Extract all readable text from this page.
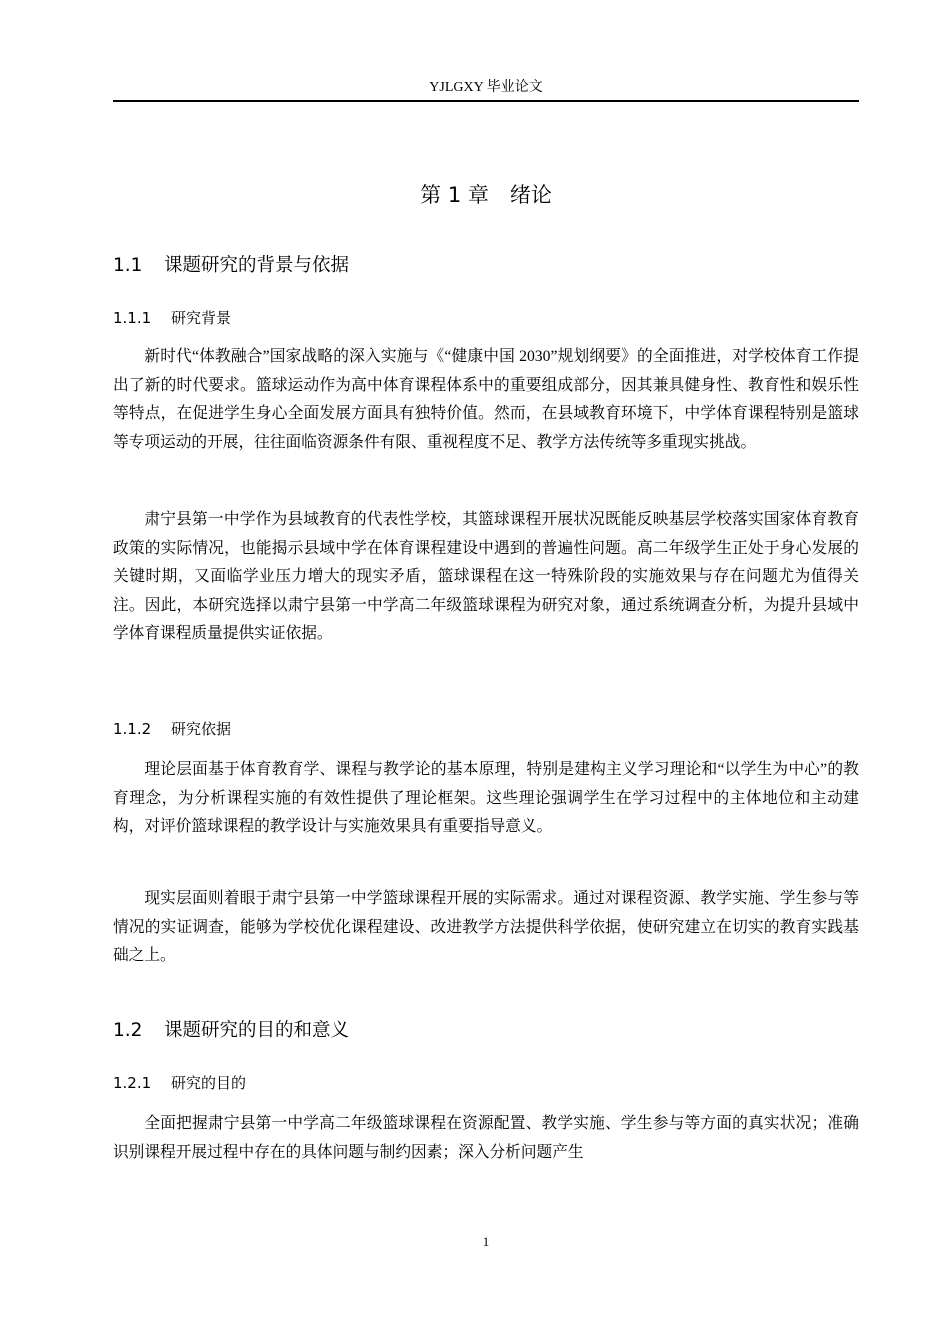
YJLGXY 毕业论文
第 1 章　绪论
1.1 课题研究的背景与依据
1.1.1 研究背景

新时代“体教融合”国家战略的深入实施与《“健康中国 2030”规划纲要》的全面推进，对学校体育工作提出了新的时代要求。篮球运动作为高中体育课程体系中的重要组成部分，因其兼具健身性、教育性和娱乐性等特点，在促进学生身心全面发展方面具有独特价值。然而，在县域教育环境下，中学体育课程特别是篮球等专项运动的开展，往往面临资源条件有限、重视程度不足、教学方法传统等多重现实挑战。

肃宁县第一中学作为县域教育的代表性学校，其篮球课程开展状况既能反映基层学校落实国家体育教育政策的实际情况，也能揭示县域中学在体育课程建设中遇到的普遍性问题。高二年级学生正处于身心发展的关键时期，又面临学业压力增大的现实矛盾，篮球课程在这一特殊阶段的实施效果与存在问题尤为值得关注。因此，本研究选择以肃宁县第一中学高二年级篮球课程为研究对象，通过系统调查分析，为提升县域中学体育课程质量提供实证依据。

1.1.2 研究依据

理论层面基于体育教育学、课程与教学论的基本原理，特别是建构主义学习理论和“以学生为中心”的教育理念，为分析课程实施的有效性提供了理论框架。这些理论强调学生在学习过程中的主体地位和主动建构，对评价篮球课程的教学设计与实施效果具有重要指导意义。

现实层面则着眼于肃宁县第一中学篮球课程开展的实际需求。通过对课程资源、教学实施、学生参与等情况的实证调查，能够为学校优化课程建设、改进教学方法提供科学依据，使研究建立在切实的教育实践基础之上。

1.2 课题研究的目的和意义
1.2.1 研究的目的

全面把握肃宁县第一中学高二年级篮球课程在资源配置、教学实施、学生参与等方面的真实状况；准确识别课程开展过程中存在的具体问题与制约因素；深入分析问题产生

1
